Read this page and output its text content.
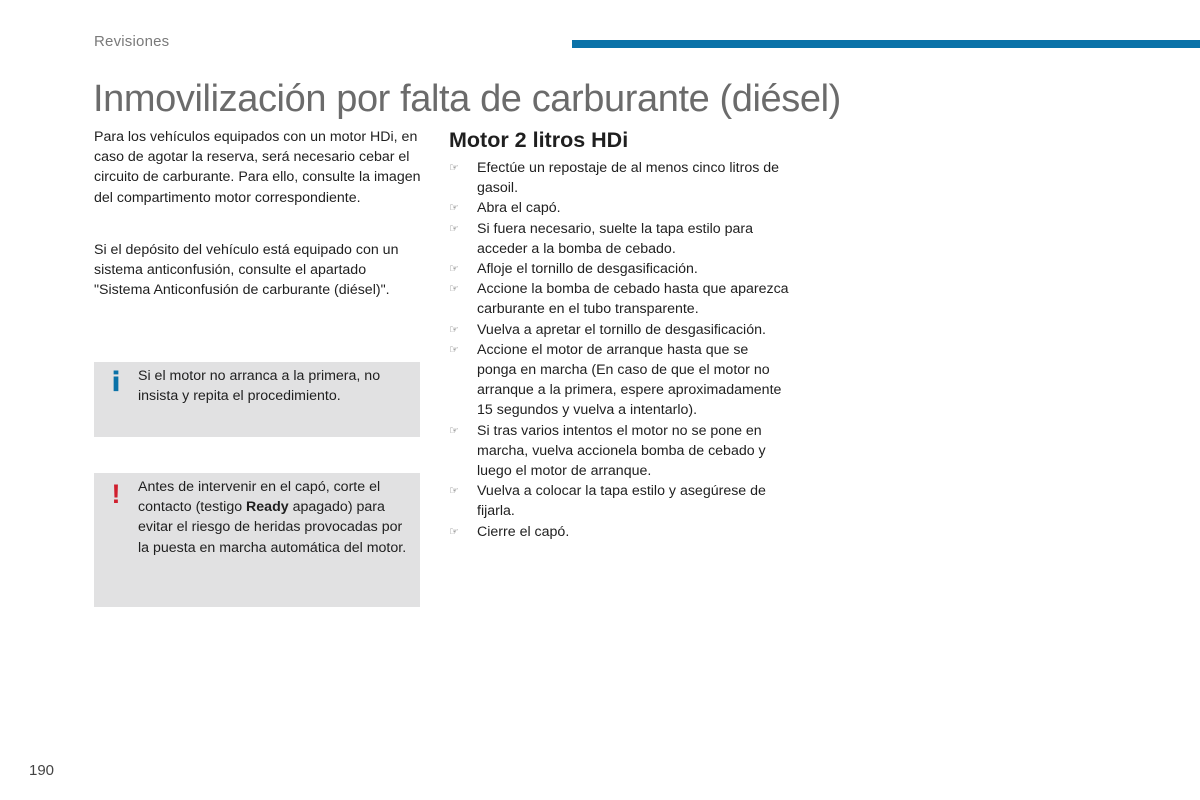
Revisiones
Inmovilización por falta de carburante (diésel)

Para los vehículos equipados con un motor HDi, en caso de agotar la reserva, será necesario cebar el circuito de carburante. Para ello, consulte la imagen del compartimento motor correspondiente.

Si el depósito del vehículo está equipado con un sistema anticonfusión, consulte el apartado "Sistema Anticonfusión de carburante (diésel)".

i Si el motor no arranca a la primera, no insista y repita el procedimiento.

! Antes de intervenir en el capó, corte el contacto (testigo Ready apagado) para evitar el riesgo de heridas provocadas por la puesta en marcha automática del motor.

Motor 2 litros HDi
☞ Efectúe un repostaje de al menos cinco litros de gasoil.
☞ Abra el capó.
☞ Si fuera necesario, suelte la tapa estilo para acceder a la bomba de cebado.
☞ Afloje el tornillo de desgasificación.
☞ Accione la bomba de cebado hasta que aparezca carburante en el tubo transparente.
☞ Vuelva a apretar el tornillo de desgasificación.
☞ Accione el motor de arranque hasta que se ponga en marcha (En caso de que el motor no arranque a la primera, espere aproximadamente 15 segundos y vuelva a intentarlo).
☞ Si tras varios intentos el motor no se pone en marcha, vuelva accionela bomba de cebado y luego el motor de arranque.
☞ Vuelva a colocar la tapa estilo y asegúrese de fijarla.
☞ Cierre el capó.
190
